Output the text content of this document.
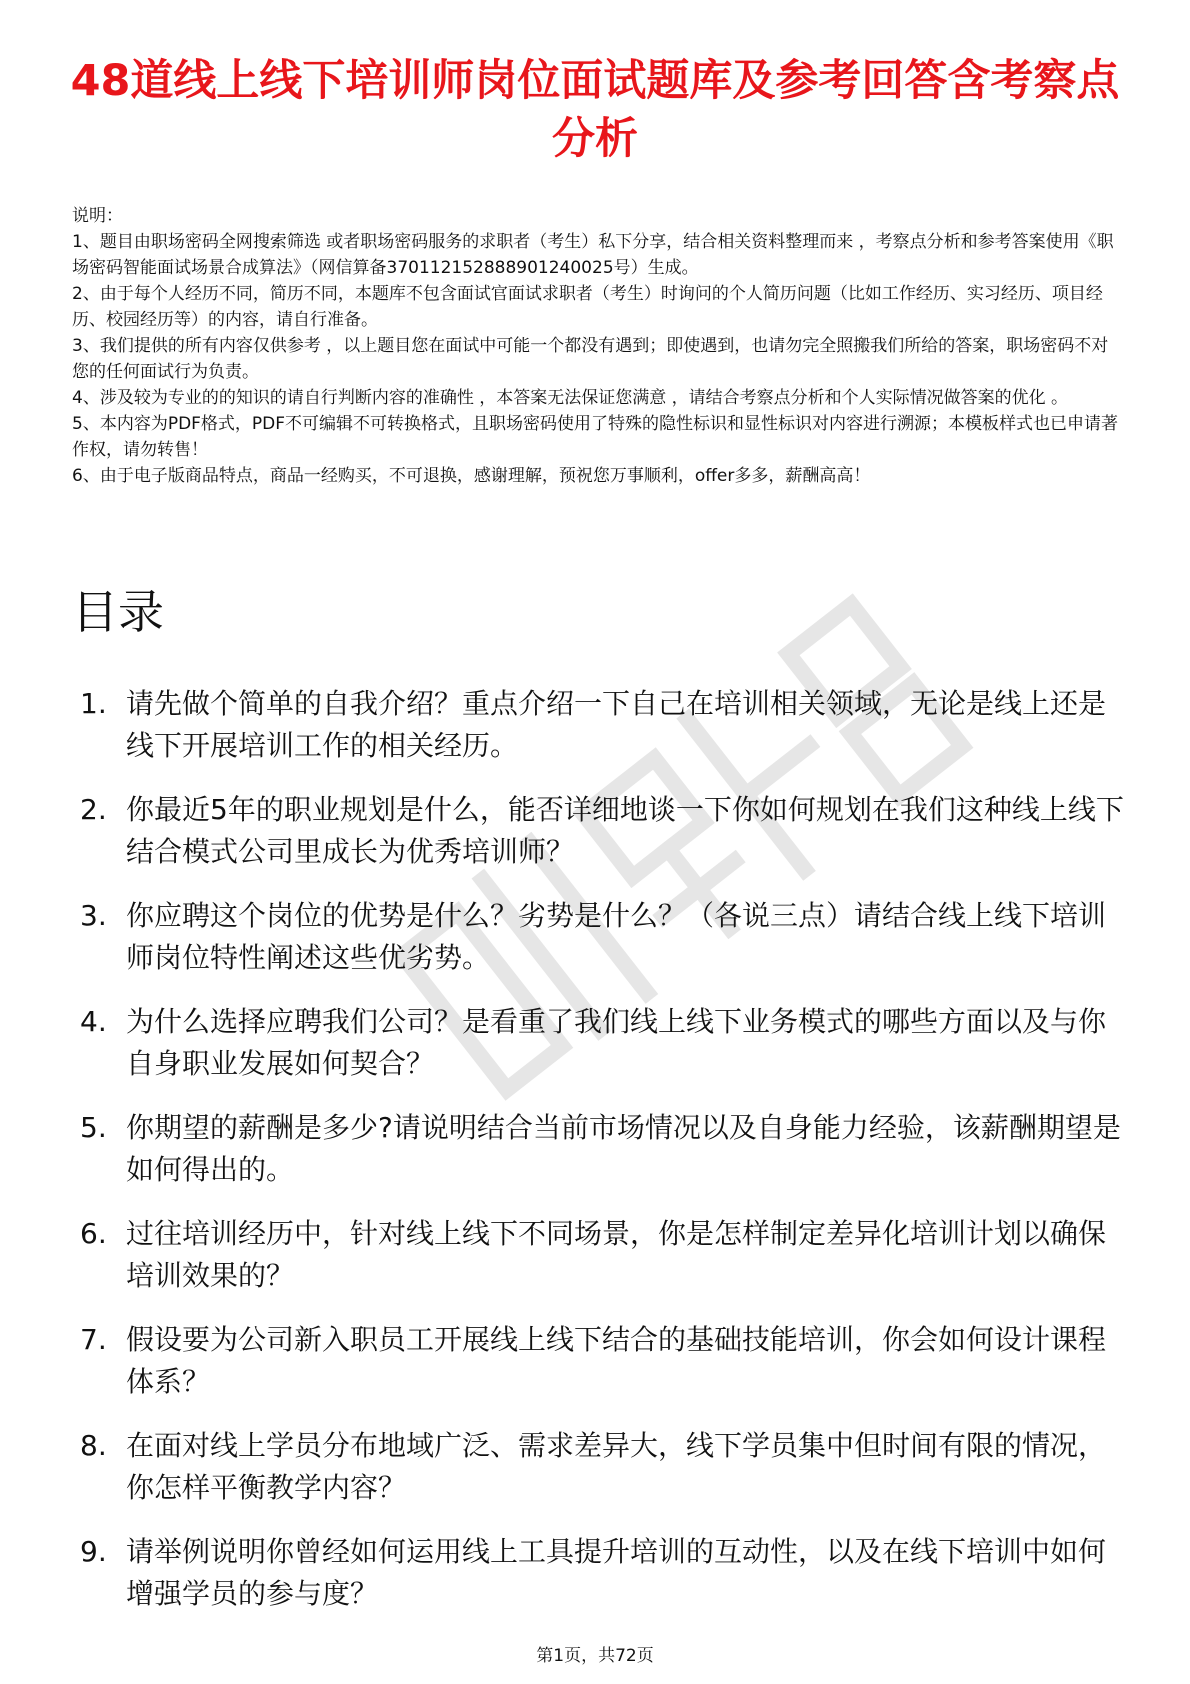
48道线上线下培训师岗位面试题库及参考回答含考察点分析

说明：

1、题目由职场密码全网搜索筛选 或者职场密码服务的求职者（考生）私下分享，结合相关资料整理而来 ，考察点分析和参考答案使用《职场密码智能面试场景合成算法》（网信算备370112152888901240025号）生成。

2、由于每个人经历不同，简历不同，本题库不包含面试官面试求职者（考生）时询问的个人简历问题（比如工作经历、实习经历、项目经历、校园经历等）的内容，请自行准备。

3、我们提供的所有内容仅供参考 ，以上题目您在面试中可能一个都没有遇到；即使遇到，也请勿完全照搬我们所给的答案，职场密码不对您的任何面试行为负责。

4、涉及较为专业的的知识的请自行判断内容的准确性 ，本答案无法保证您满意 ，请结合考察点分析和个人实际情况做答案的优化 。

5、本内容为PDF格式，PDF不可编辑不可转换格式，且职场密码使用了特殊的隐性标识和显性标识对内容进行溯源；本模板样式也已申请著作权，请勿转售！

6、由于电子版商品特点，商品一经购买，不可退换，感谢理解，预祝您万事顺利，offer多多，薪酬高高！

目录
1. 请先做个简单的自我介绍？重点介绍一下自己在培训相关领域，无论是线上还是线下开展培训工作的相关经历。
2. 你最近5年的职业规划是什么，能否详细地谈一下你如何规划在我们这种线上线下结合模式公司里成长为优秀培训师？
3. 你应聘这个岗位的优势是什么？劣势是什么？（各说三点）请结合线上线下培训师岗位特性阐述这些优劣势。
4. 为什么选择应聘我们公司？是看重了我们线上线下业务模式的哪些方面以及与你自身职业发展如何契合？
5. 你期望的薪酬是多少?请说明结合当前市场情况以及自身能力经验，该薪酬期望是如何得出的。
6. 过往培训经历中，针对线上线下不同场景，你是怎样制定差异化培训计划以确保培训效果的？
7. 假设要为公司新入职员工开展线上线下结合的基础技能培训，你会如何设计课程体系？
8. 在面对线上学员分布地域广泛、需求差异大，线下学员集中但时间有限的情况，你怎样平衡教学内容？
9. 请举例说明你曾经如何运用线上工具提升培训的互动性，以及在线下培训中如何增强学员的参与度？
第1页，共72页
